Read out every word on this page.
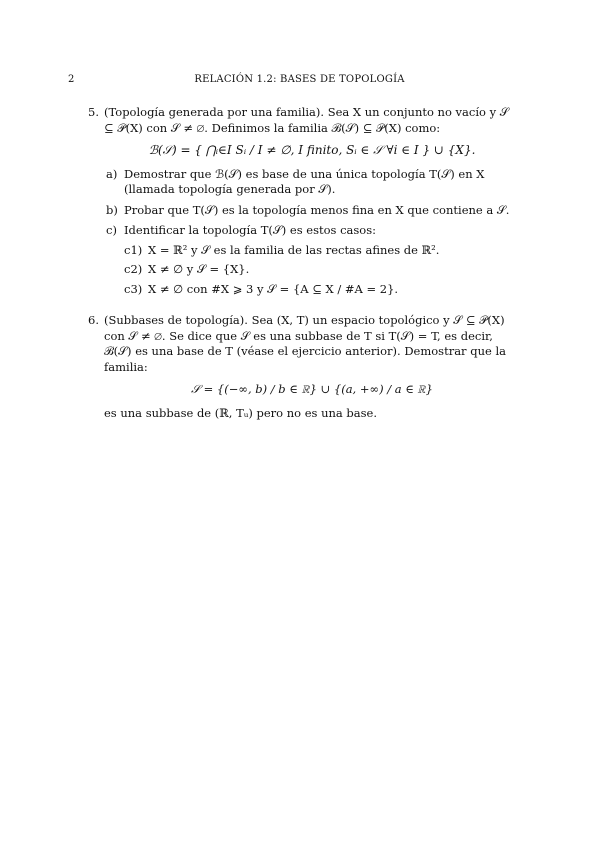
2	RELACIÓN 1.2: BASES DE TOPOLOGÍA
5. (Topología generada por una familia). Sea X un conjunto no vacío y 𝒮 ⊆ 𝒫(X) con 𝒮 ≠ ∅. Definimos la familia ℬ(𝒮) ⊆ 𝒫(X) como:

ℬ(𝒮) = { ⋂ᵢ∈I Sᵢ / I ≠ ∅, I finito, Sᵢ ∈ 𝒮 ∀i ∈ I } ∪ {X}.
a) Demostrar que ℬ(𝒮) es base de una única topología T(𝒮) en X (llamada topología generada por 𝒮).
b) Probar que T(𝒮) es la topología menos fina en X que contiene a 𝒮.
c) Identificar la topología T(𝒮) es estos casos:
c1) X = ℝ² y 𝒮 es la familia de las rectas afines de ℝ².
c2) X ≠ ∅ y 𝒮 = {X}.
c3) X ≠ ∅ con #X ⩾ 3 y 𝒮 = {A ⊆ X / #A = 2}.
6. (Subbases de topología). Sea (X, T) un espacio topológico y 𝒮 ⊆ 𝒫(X) con 𝒮 ≠ ∅. Se dice que 𝒮 es una subbase de T si T(𝒮) = T, es decir, ℬ(𝒮) es una base de T (véase el ejercicio anterior). Demostrar que la familia:

𝒮 = {(−∞, b) / b ∈ ℝ} ∪ {(a, +∞) / a ∈ ℝ}

es una subbase de (ℝ, Tᵤ) pero no es una base.
